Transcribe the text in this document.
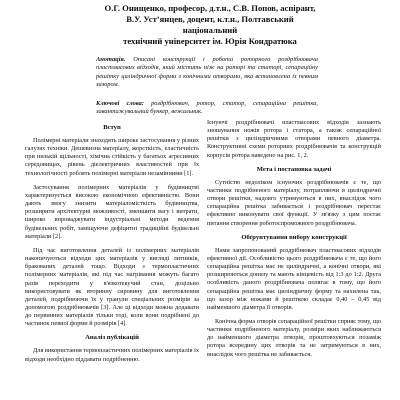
О.Г. Онищенко, професор, д.т.н., С.В. Попов, аспірант,
В.У. Устʼянцев, доцент, к.т.н., Полтавський національний
технічний університет ім. Юрія Кондратюка
Анотація. Описані конструкції і робота роторного роздрібнювача пластмасових відходів, який містить ніж на роторі та статорі, сепараційну решітку циліндричної форми з конічними отворами, яка встановлена із певним зазором.
Ключові слова: роздрібнювач, ротор, статор, сепараційна решітка, завантажувальний бункер, вежальник.
Вступ

Полімерні матеріали знаходять широке застосування у різних галузях техніки. Дешевизна матеріалу, жорсткість, еластичність при низькій щільності, хімічна стійкість у багатьох агресивних середовищах, рівень діелектричних властивостей при їх технологічності роблять полімерні матеріали незамінними [1].

Застосування полімерних матеріалів у будівництві характеризується високою економічною ефективністю. Вони дають змогу знизити матеріаломісткість будівництва, розширити архітектурні можливості, зменшити вагу і витрати, широко впроваджувати індустріальні методи ведення будівельних робіт, заміщуючи дефіцитні традиційні будівельні матеріали [2].

Під час виготовлення деталей із полімерних матеріалів накопичуються відходи цих матеріалів у вигляді литників, бракованих деталей тощо. Відходи з термопластичних полімерних матеріалів, які під час нагрівання можуть багато разів переходити у в'язкотекучий стан, доцільно використовувати як вторинну сировину для виготовлення деталей, подрібнюючи їх у гранули спеціальних розмірів за допомогою роздрібнювачів [3]. Але ці відходи можна додавати до первинних матеріалів тільки тоді, коли вони подрібнені до частинок певної форми й розмірів [4].

Аналіз публікацій

Для використання термопластичних полімерних матеріалів їх відходи необхідно піддавати подрібненню.

Існуючі роздрібнювачі пластмасових відходів зазнають зношування ножів ротора і статора, а також сепараційної решітки з циліндричними отворами певного діаметра. Конструктивні схеми роторних роздрібнювачів та конструкцій корпусів ротора наведено на рис. 1, 2.

Мета і постановка задачі

Сутністю недоліком існуючих роздрібнювачів є те, що частинки подрібненого матеріалу, потрапляючи в циліндричні отвори решітки, надовго утримуються в них, внаслідок чого сепараційна решітка забивається і роздрібнювач перестає ефективно виконувати свої функції. У зв'язку з цим постає питання створення роботоспроможного роздрібнювача.

Обґрунтування вибору конструкції

Нами запропонований роздрібнювач пластмасових відходів ефективної дії. Особливістю цього роздрібнювача є те, що його сепараційна решітка має не циліндричні, а конічні отвори, які розширюються донизу та мають кінцевість від 1:3 до 1:2. Друга особливість даного роздрібнювача полягає в тому, що його сепараційна решітка має циліндричну форму та нахилена так, що зазор між ножами й решіткою складає 0,40 – 0,45 від найменшого діаметра її отворів.

Конічна форма отворів сепараційної решітки сприяє тому, що частинки подрібненого матеріалу, розміри яких наближаються до найменшого діаметра отворів, проштовхуються позаміж ротора всередину цих отворів та не затримуються в них, внаслідок чого решітка не забивається.
